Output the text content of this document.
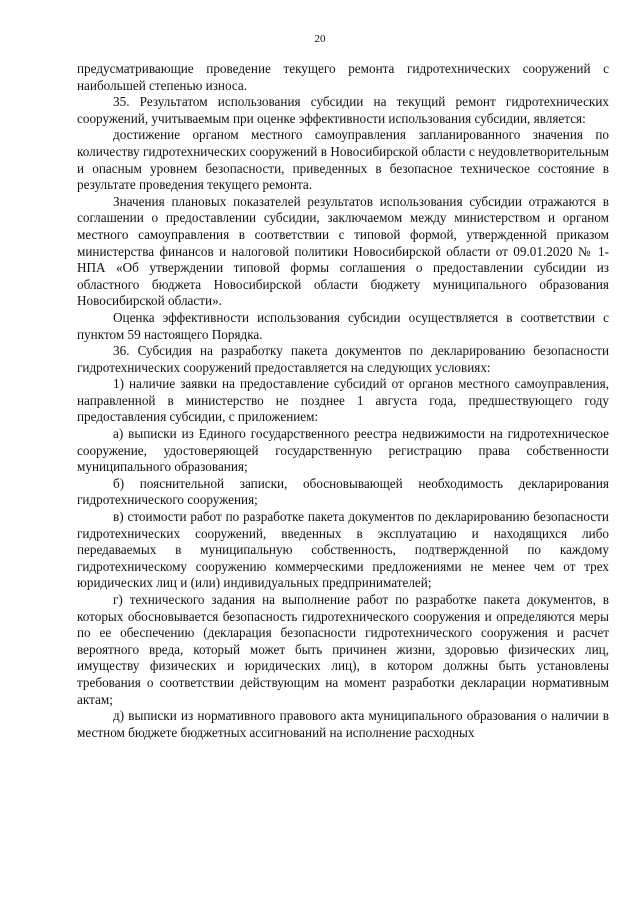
20

предусматривающие проведение текущего ремонта гидротехнических сооружений с наибольшей степенью износа.

35. Результатом использования субсидии на текущий ремонт гидротехнических сооружений, учитываемым при оценке эффективности использования субсидии, является:

достижение органом местного самоуправления запланированного значения по количеству гидротехнических сооружений в Новосибирской области с неудовлетворительным и опасным уровнем безопасности, приведенных в безопасное техническое состояние в результате проведения текущего ремонта.

Значения плановых показателей результатов использования субсидии отражаются в соглашении о предоставлении субсидии, заключаемом между министерством и органом местного самоуправления в соответствии с типовой формой, утвержденной приказом министерства финансов и налоговой политики Новосибирской области от 09.01.2020 № 1-НПА «Об утверждении типовой формы соглашения о предоставлении субсидии из областного бюджета Новосибирской области бюджету муниципального образования Новосибирской области».

Оценка эффективности использования субсидии осуществляется в соответствии с пунктом 59 настоящего Порядка.

36. Субсидия на разработку пакета документов по декларированию безопасности гидротехнических сооружений предоставляется на следующих условиях:

1) наличие заявки на предоставление субсидий от органов местного самоуправления, направленной в министерство не позднее 1 августа года, предшествующего году предоставления субсидии, с приложением:

а) выписки из Единого государственного реестра недвижимости на гидротехническое сооружение, удостоверяющей государственную регистрацию права собственности муниципального образования;

б) пояснительной записки, обосновывающей необходимость декларирования гидротехнического сооружения;

в) стоимости работ по разработке пакета документов по декларированию безопасности гидротехнических сооружений, введенных в эксплуатацию и находящихся либо передаваемых в муниципальную собственность, подтвержденной по каждому гидротехническому сооружению коммерческими предложениями не менее чем от трех юридических лиц и (или) индивидуальных предпринимателей;

г) технического задания на выполнение работ по разработке пакета документов, в которых обосновывается безопасность гидротехнического сооружения и определяются меры по ее обеспечению (декларация безопасности гидротехнического сооружения и расчет вероятного вреда, который может быть причинен жизни, здоровью физических лиц, имуществу физических и юридических лиц), в котором должны быть установлены требования о соответствии действующим на момент разработки декларации нормативным актам;

д) выписки из нормативного правового акта муниципального образования о наличии в местном бюджете бюджетных ассигнований на исполнение расходных
